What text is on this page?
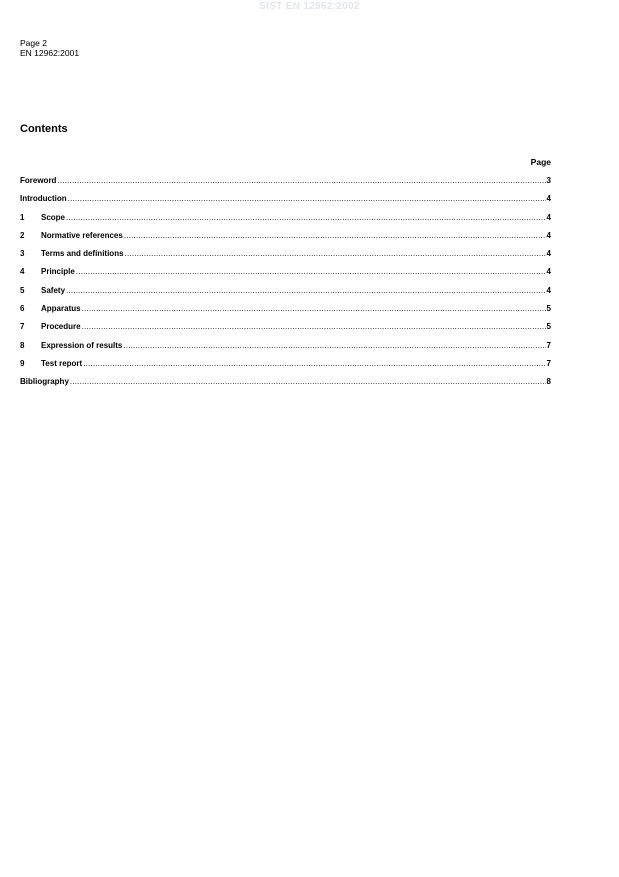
SIST EN 12962:2002
Page 2
EN 12962:2001
Contents
Page
Foreword .....	3
Introduction .....	4
1	Scope .....	4
2	Normative references .....	4
3	Terms and definitions .....	4
4	Principle .....	4
5	Safety .....	4
6	Apparatus .....	5
7	Procedure .....	5
8	Expression of results .....	7
9	Test report .....	7
Bibliography .....	8
